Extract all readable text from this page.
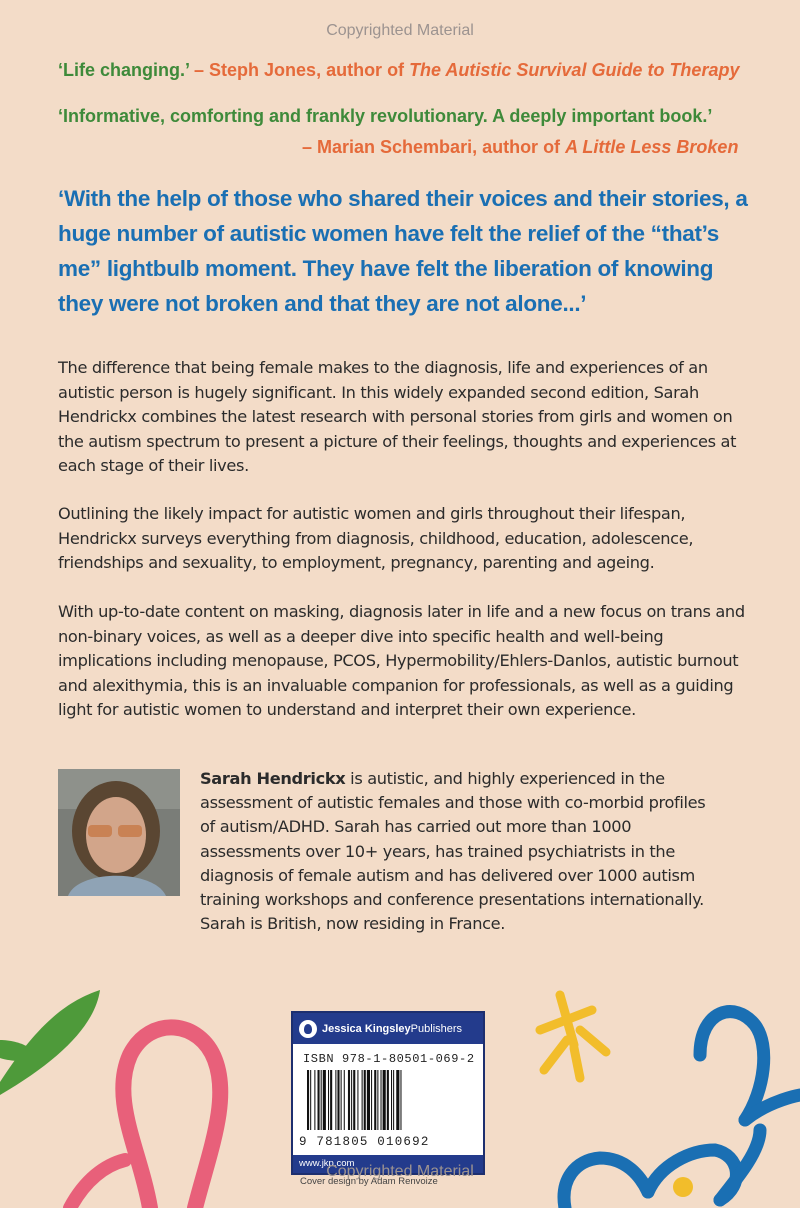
Copyrighted Material
‘Life changing.’ – Steph Jones, author of The Autistic Survival Guide to Therapy
‘Informative, comforting and frankly revolutionary. A deeply important book.’
– Marian Schembari, author of A Little Less Broken
‘With the help of those who shared their voices and their stories, a huge number of autistic women have felt the relief of the “that’s me” lightbulb moment. They have felt the liberation of knowing they were not broken and that they are not alone...’
The difference that being female makes to the diagnosis, life and experiences of an autistic person is hugely significant. In this widely expanded second edition, Sarah Hendrickx combines the latest research with personal stories from girls and women on the autism spectrum to present a picture of their feelings, thoughts and experiences at each stage of their lives.
Outlining the likely impact for autistic women and girls throughout their lifespan, Hendrickx surveys everything from diagnosis, childhood, education, adolescence, friendships and sexuality, to employment, pregnancy, parenting and ageing.
With up-to-date content on masking, diagnosis later in life and a new focus on trans and non-binary voices, as well as a deeper dive into specific health and well-being implications including menopause, PCOS, Hypermobility/Ehlers-Danlos, autistic burnout and alexithymia, this is an invaluable companion for professionals, as well as a guiding light for autistic women to understand and interpret their own experience.
Sarah Hendrickx is autistic, and highly experienced in the assessment of autistic females and those with co-morbid profiles of autism/ADHD. Sarah has carried out more than 1000 assessments over 10+ years, has trained psychiatrists in the diagnosis of female autism and has delivered over 1000 autism training workshops and conference presentations internationally. Sarah is British, now residing in France.
Jessica Kingsley Publishers
ISBN 978-1-80501-069-2
9 781805 010692
www.jkp.com
Cover design by Adam Renvoize
Copyrighted Material
